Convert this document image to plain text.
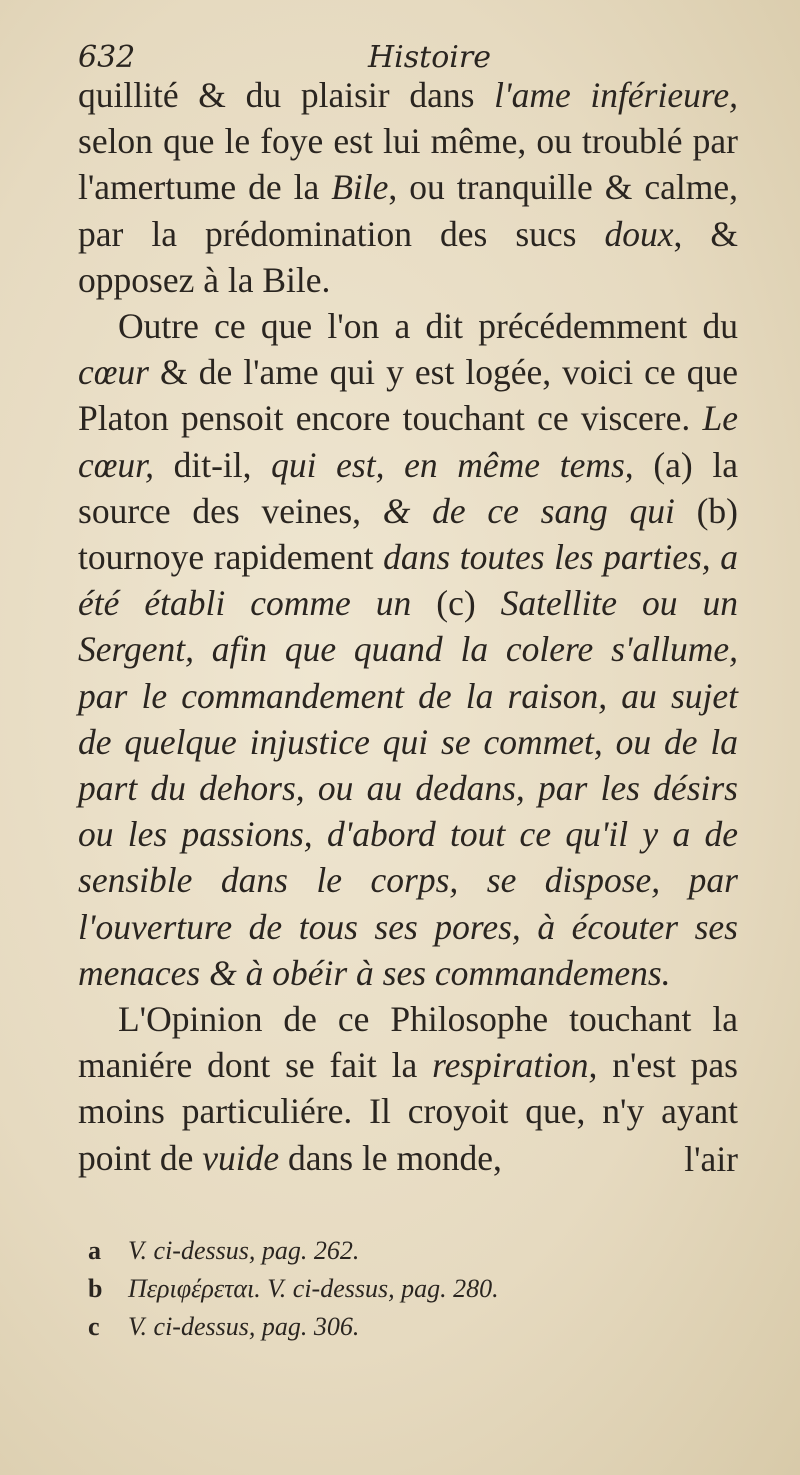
632	Histoire

quillité & du plaisir dans l'ame inférieure, selon que le foye est lui même, ou troublé par l'amertume de la Bile, ou tranquille & calme, par la prédomination des sucs doux, & opposez à la Bile.

Outre ce que l'on a dit précédemment du cœur & de l'ame qui y est logée, voici ce que Platon pensoit encore touchant ce viscere. Le cœur, dit-il, qui est, en même tems, (a) la source des veines, & de ce sang qui (b) tournoye rapidement dans toutes les parties, a été établi comme un (c) Satellite ou un Sergent, afin que quand la colere s'allume, par le commandement de la raison, au sujet de quelque injustice qui se commet, ou de la part du dehors, ou au dedans, par les désirs ou les passions, d'abord tout ce qu'il y a de sensible dans le corps, se dispose, par l'ouverture de tous ses pores, à écouter ses menaces & à obéir à ses commandemens.

L'Opinion de ce Philosophe touchant la maniére dont se fait la respiration, n'est pas moins particuliére. Il croyoit que, n'y ayant point de vuide dans le monde,	l'air
a V. ci-dessus, pag. 262.
b Περιφέρεται. V. ci-dessus, pag. 280.
c V. ci-dessus, pag. 306.
